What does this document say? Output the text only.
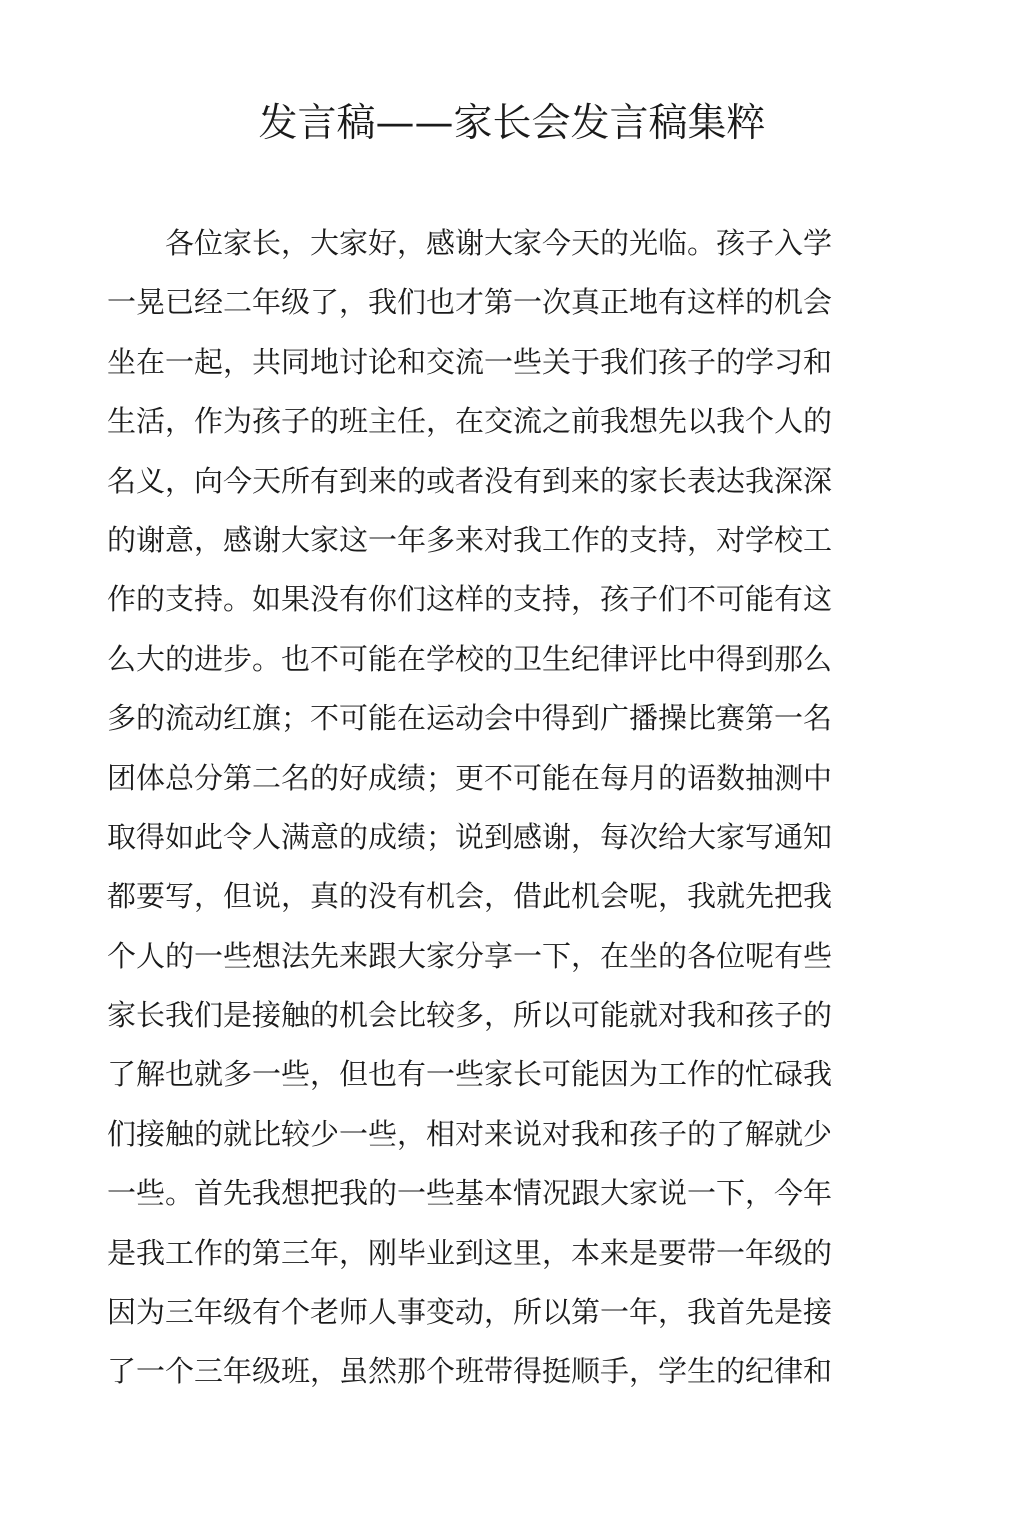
发言稿——家长会发言稿集粹
　　各位家长，大家好，感谢大家今天的光临。孩子入学
一晃已经二年级了，我们也才第一次真正地有这样的机会
坐在一起，共同地讨论和交流一些关于我们孩子的学习和
生活，作为孩子的班主任，在交流之前我想先以我个人的
名义，向今天所有到来的或者没有到来的家长表达我深深
的谢意，感谢大家这一年多来对我工作的支持，对学校工
作的支持。如果没有你们这样的支持，孩子们不可能有这
么大的进步。也不可能在学校的卫生纪律评比中得到那么
多的流动红旗；不可能在运动会中得到广播操比赛第一名
团体总分第二名的好成绩；更不可能在每月的语数抽测中
取得如此令人满意的成绩；说到感谢，每次给大家写通知
都要写，但说，真的没有机会，借此机会呢，我就先把我
个人的一些想法先来跟大家分享一下，在坐的各位呢有些
家长我们是接触的机会比较多，所以可能就对我和孩子的
了解也就多一些，但也有一些家长可能因为工作的忙碌我
们接触的就比较少一些，相对来说对我和孩子的了解就少
一些。首先我想把我的一些基本情况跟大家说一下，今年
是我工作的第三年，刚毕业到这里，本来是要带一年级的
因为三年级有个老师人事变动，所以第一年，我首先是接
了一个三年级班，虽然那个班带得挺顺手，学生的纪律和
